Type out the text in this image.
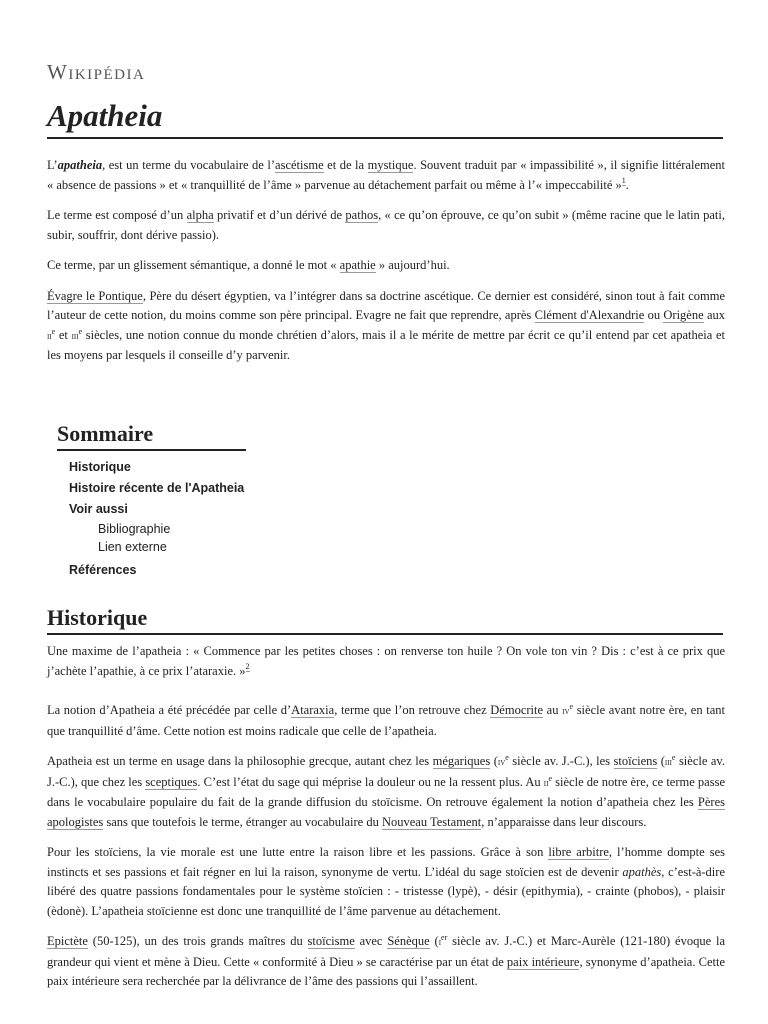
Wikipédia
Apatheia

L’apatheia, est un terme du vocabulaire de l’ascétisme et de la mystique. Souvent traduit par « impassibilité », il signifie littéralement « absence de passions » et « tranquillité de l’âme » parvenue au détachement parfait ou même à l’« impeccabilité »$^1$.

Le terme est composé d’un alpha privatif et d’un dérivé de pathos, « ce qu’on éprouve, ce qu’on subit » (même racine que le latin pati, subir, souffrir, dont dérive passio).

Ce terme, par un glissement sémantique, a donné le mot « apathie » aujourd’hui.

Évagre le Pontique, Père du désert égyptien, va l’intégrer dans sa doctrine ascétique. Ce dernier est considéré, sinon tout à fait comme l’auteur de cette notion, du moins comme son père principal. Evagre ne fait que reprendre, après Clément d'Alexandrie ou Origène aux $ii^e$ et iii$^e$ siècles, une notion connue du monde chrétien d’alors, mais il a le mérite de mettre par écrit ce qu’il entend par cet apatheia et les moyens par lesquels il conseille d’y parvenir.

Sommaire
Historique
Histoire récente de l'Apatheia
Voir aussi
Bibliographie
Lien externe
Références
Historique

Une maxime de l’apatheia : « Commence par les petites choses : on renverse ton huile ? On vole ton vin ? Dis : c’est à ce prix que j’achète l’apathie, à ce prix l’ataraxie. »$^2$

La notion d’Apatheia a été précédée par celle d’Ataraxia, terme que l’on retrouve chez Démocrite au $iv^e$ siècle avant notre ère, en tant que tranquillité d’âme. Cette notion est moins radicale que celle de l’apatheia.

Apatheia est un terme en usage dans la philosophie grecque, autant chez les mégariques ($iv^e$ siècle av. J.-C.), les stoïciens (iii$^e$ siècle av. J.-C.), que chez les sceptiques. C’est l’état du sage qui méprise la douleur ou ne la ressent plus. Au $ii^e$ siècle de notre ère, ce terme passe dans le vocabulaire populaire du fait de la grande diffusion du stoïcisme. On retrouve également la notion d’apatheia chez les Pères apologistes sans que toutefois le terme, étranger au vocabulaire du Nouveau Testament, n’apparaisse dans leur discours.

Pour les stoïciens, la vie morale est une lutte entre la raison libre et les passions. Grâce à son libre arbitre, l’homme dompte ses instincts et ses passions et fait régner en lui la raison, synonyme de vertu. L’idéal du sage stoïcien est de devenir apathès, c’est-à-dire libéré des quatre passions fondamentales pour le système stoïcien : - tristesse (lypè), - désir (epithymia), - crainte (phobos), - plaisir (èdonè). L’apatheia stoïcienne est donc une tranquillité de l’âme parvenue au détachement.

Epictète (50-125), un des trois grands maîtres du stoïcisme avec Sénèque ($i^{er}$ siècle av. J.-C.) et Marc-Aurèle (121-180) évoque la grandeur qui vient et mène à Dieu. Cette « conformité à Dieu » se caractérise par un état de paix intérieure, synonyme d’apatheia. Cette paix intérieure sera recherchée par la délivrance de l’âme des passions qui l’assaillent.
